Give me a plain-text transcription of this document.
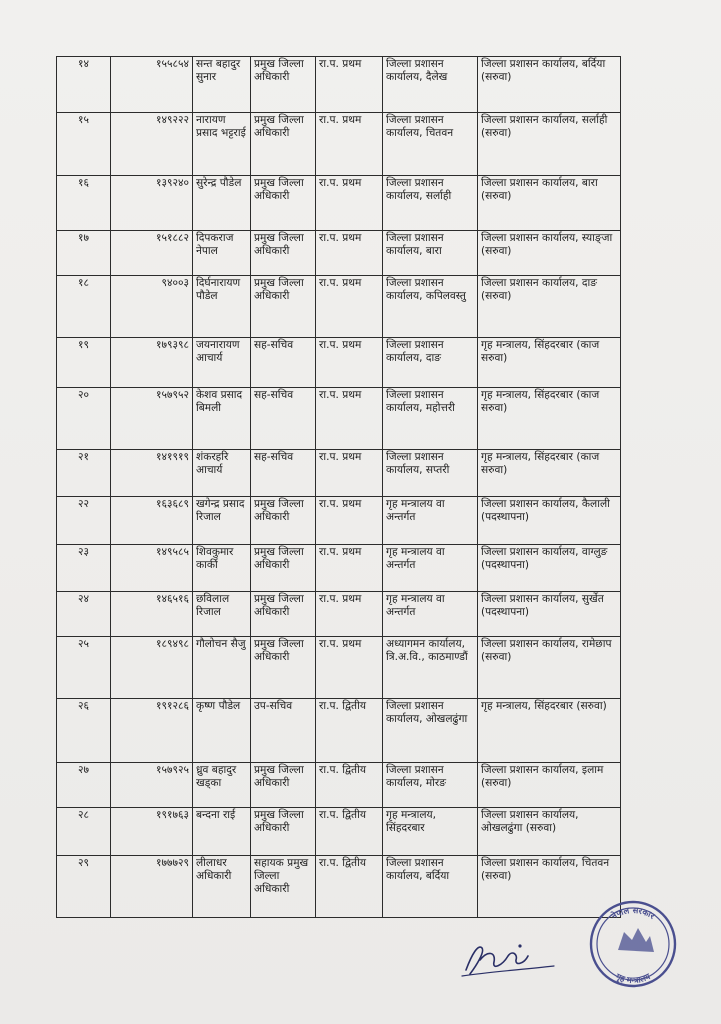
१४	१५५८५४	सन्त बहादुर सुनार	प्रमुख जिल्ला अधिकारी	रा.प. प्रथम	जिल्ला प्रशासन कार्यालय, दैलेख	जिल्ला प्रशासन कार्यालय, बर्दिया (सरुवा)
१५	१४९२२२	नारायण प्रसाद भट्टराई	प्रमुख जिल्ला अधिकारी	रा.प. प्रथम	जिल्ला प्रशासन कार्यालय, चितवन	जिल्ला प्रशासन कार्यालय, सर्लाही (सरुवा)
१६	१३९२४०	सुरेन्द्र पौडेल	प्रमुख जिल्ला अधिकारी	रा.प. प्रथम	जिल्ला प्रशासन कार्यालय, सर्लाही	जिल्ला प्रशासन कार्यालय, बारा (सरुवा)
१७	१५१८८२	दिपकराज नेपाल	प्रमुख जिल्ला अधिकारी	रा.प. प्रथम	जिल्ला प्रशासन कार्यालय, बारा	जिल्ला प्रशासन कार्यालय, स्याङ्जा (सरुवा)
१८	९४००३	दिर्घनारायण पौडेल	प्रमुख जिल्ला अधिकारी	रा.प. प्रथम	जिल्ला प्रशासन कार्यालय, कपिलवस्तु	जिल्ला प्रशासन कार्यालय, दाङ (सरुवा)
१९	१७९३९८	जयनारायण आचार्य	सह-सचिव	रा.प. प्रथम	जिल्ला प्रशासन कार्यालय, दाङ	गृह मन्त्रालय, सिंहदरबार (काज सरुवा)
२०	१५७९५२	केशव प्रसाद बिमली	सह-सचिव	रा.प. प्रथम	जिल्ला प्रशासन कार्यालय, महोत्तरी	गृह मन्त्रालय, सिंहदरबार (काज सरुवा)
२१	१४१९१९	शंकरहरि आचार्य	सह-सचिव	रा.प. प्रथम	जिल्ला प्रशासन कार्यालय, सप्तरी	गृह मन्त्रालय, सिंहदरबार (काज सरुवा)
२२	१६३६८९	खगेन्द्र प्रसाद रिजाल	प्रमुख जिल्ला अधिकारी	रा.प. प्रथम	गृह मन्त्रालय वा अन्तर्गत	जिल्ला प्रशासन कार्यालय, कैलाली (पदस्थापना)
२३	१४९५८५	शिवकुमार कार्की	प्रमुख जिल्ला अधिकारी	रा.प. प्रथम	गृह मन्त्रालय वा अन्तर्गत	जिल्ला प्रशासन कार्यालय, वाग्लुङ (पदस्थापना)
२४	१४६५१६	छविलाल रिजाल	प्रमुख जिल्ला अधिकारी	रा.प. प्रथम	गृह मन्त्रालय वा अन्तर्गत	जिल्ला प्रशासन कार्यालय, सुर्खेत (पदस्थापना)
२५	१८९४९८	गौलोचन सैजु	प्रमुख जिल्ला अधिकारी	रा.प. प्रथम	अध्यागमन कार्यालय, त्रि.अ.वि., काठमाण्डौं	जिल्ला प्रशासन कार्यालय, रामेछाप (सरुवा)
२६	१९१२८६	कृष्ण पौडेल	उप-सचिव	रा.प. द्वितीय	जिल्ला प्रशासन कार्यालय, ओखलढुंगा	गृह मन्त्रालय, सिंहदरबार (सरुवा)
२७	१५७९२५	ध्रुव बहादुर खड्का	प्रमुख जिल्ला अधिकारी	रा.प. द्वितीय	जिल्ला प्रशासन कार्यालय, मोरङ	जिल्ला प्रशासन कार्यालय, इलाम (सरुवा)
२८	१९१७६३	बन्दना राई	प्रमुख जिल्ला अधिकारी	रा.प. द्वितीय	गृह मन्त्रालय, सिंहदरबार	जिल्ला प्रशासन कार्यालय, ओखलढुंगा (सरुवा)
२९	१७७७२९	लीलाधर अधिकारी	सहायक प्रमुख जिल्ला अधिकारी	रा.प. द्वितीय	जिल्ला प्रशासन कार्यालय, बर्दिया	जिल्ला प्रशासन कार्यालय, चितवन (सरुवा)
नेपाल सरकार
गृह मन्त्रालय
